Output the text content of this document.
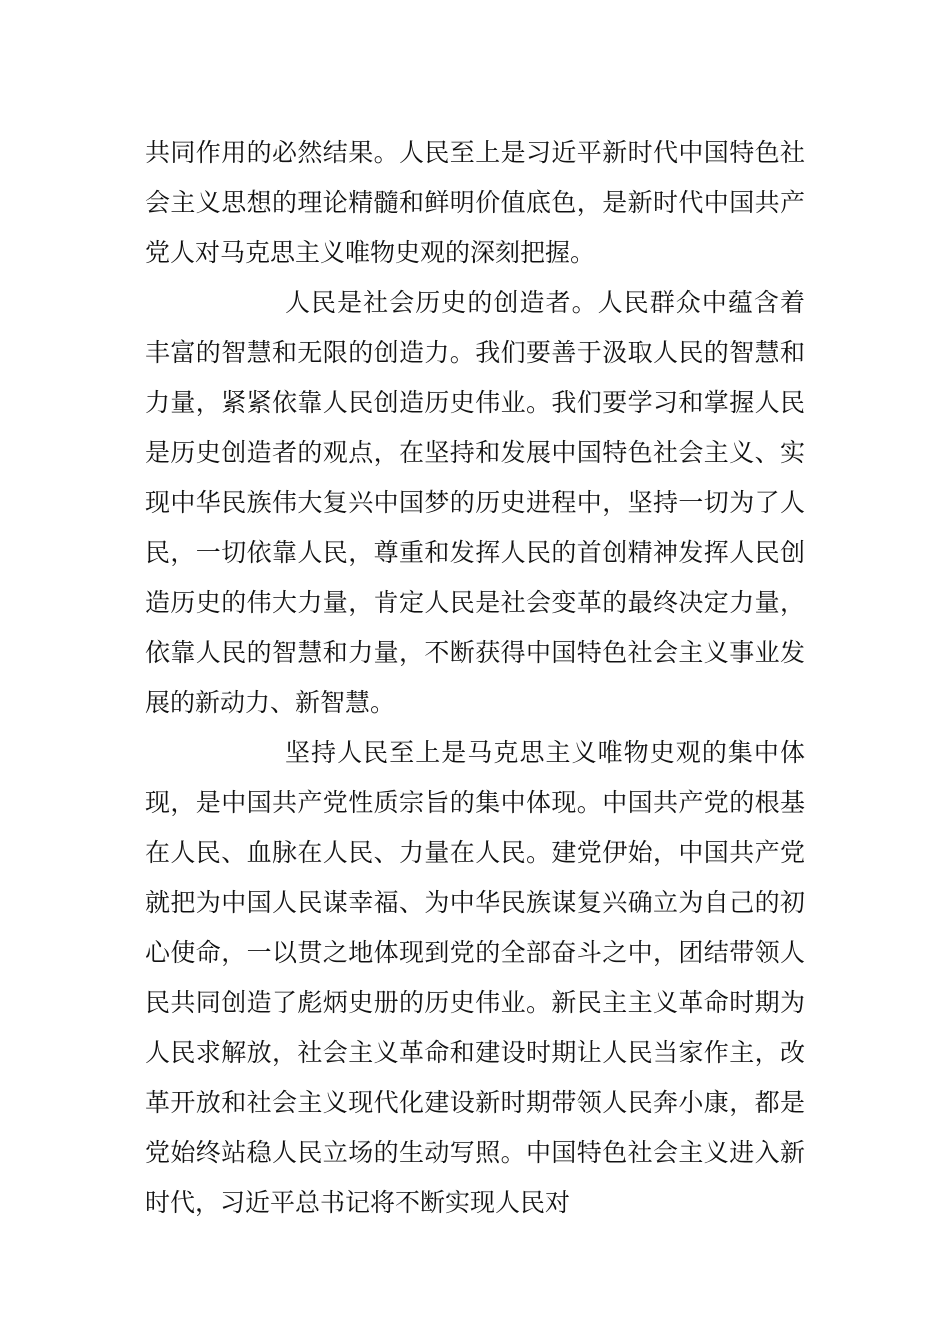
共同作用的必然结果。人民至上是习近平新时代中国特色社会主义思想的理论精髓和鲜明价值底色，是新时代中国共产党人对马克思主义唯物史观的深刻把握。

人民是社会历史的创造者。人民群众中蕴含着丰富的智慧和无限的创造力。我们要善于汲取人民的智慧和力量，紧紧依靠人民创造历史伟业。我们要学习和掌握人民是历史创造者的观点，在坚持和发展中国特色社会主义、实现中华民族伟大复兴中国梦的历史进程中，坚持一切为了人民，一切依靠人民，尊重和发挥人民的首创精神发挥人民创造历史的伟大力量，肯定人民是社会变革的最终决定力量，依靠人民的智慧和力量，不断获得中国特色社会主义事业发展的新动力、新智慧。

坚持人民至上是马克思主义唯物史观的集中体现，是中国共产党性质宗旨的集中体现。中国共产党的根基在人民、血脉在人民、力量在人民。建党伊始，中国共产党就把为中国人民谋幸福、为中华民族谋复兴确立为自己的初心使命，一以贯之地体现到党的全部奋斗之中，团结带领人民共同创造了彪炳史册的历史伟业。新民主主义革命时期为人民求解放，社会主义革命和建设时期让人民当家作主，改革开放和社会主义现代化建设新时期带领人民奔小康，都是党始终站稳人民立场的生动写照。中国特色社会主义进入新时代，习近平总书记将不断实现人民对
